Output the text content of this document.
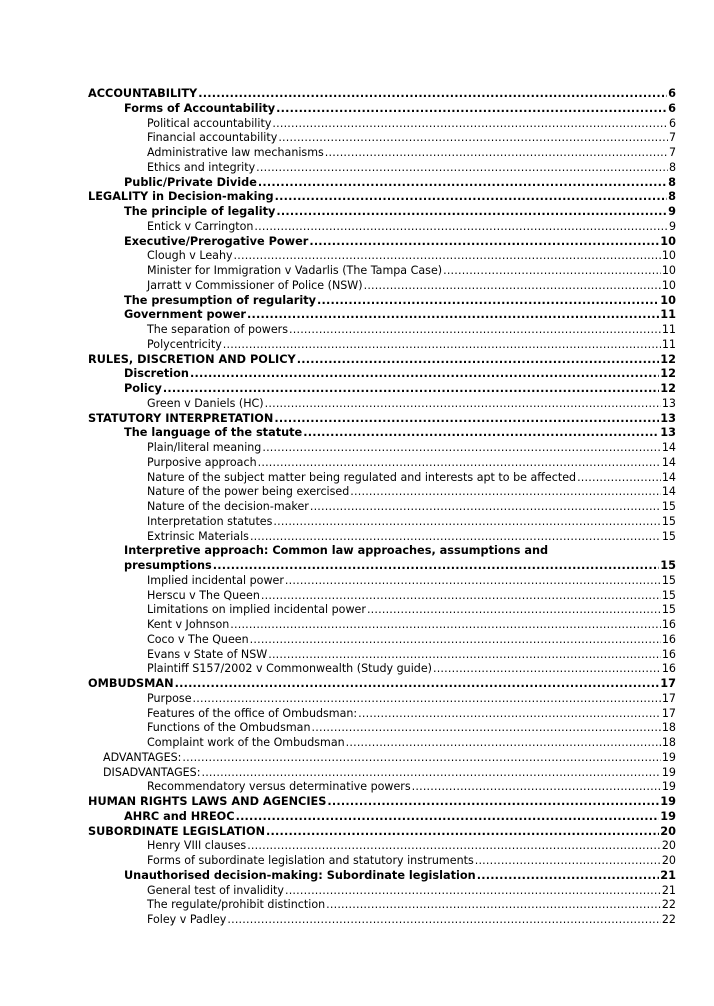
ACCOUNTABILITY .....	6
Forms of Accountability .....	6
Political accountability .....	6
Financial accountability .....	7
Administrative law mechanisms .....	7
Ethics and integrity .....	8
Public/Private Divide .....	8
LEGALITY in Decision-making .....	8
The principle of legality .....	9
Entick v Carrington .....	9
Executive/Prerogative Power .....	10
Clough v Leahy .....	10
Minister for Immigration v Vadarlis (The Tampa Case) .....	10
Jarratt v Commissioner of Police (NSW) .....	10
The presumption of regularity .....	10
Government power .....	11
The separation of powers .....	11
Polycentricity .....	11
RULES, DISCRETION AND POLICY .....	12
Discretion .....	12
Policy .....	12
Green v Daniels (HC) .....	13
STATUTORY INTERPRETATION .....	13
The language of the statute .....	13
Plain/literal meaning .....	14
Purposive approach .....	14
Nature of the subject matter being regulated and interests apt to be affected .....	14
Nature of the power being exercised .....	14
Nature of the decision-maker .....	15
Interpretation statutes .....	15
Extrinsic Materials .....	15
Interpretive approach: Common law approaches, assumptions and
presumptions .....	15
Implied incidental power .....	15
Herscu v The Queen .....	15
Limitations on implied incidental power .....	15
Kent v Johnson .....	16
Coco v The Queen .....	16
Evans v State of NSW .....	16
Plaintiff S157/2002 v Commonwealth (Study guide) .....	16
OMBUDSMAN .....	17
Purpose .....	17
Features of the office of Ombudsman: .....	17
Functions of the Ombudsman .....	18
Complaint work of the Ombudsman .....	18
ADVANTAGES: .....	19
DISADVANTAGES: .....	19
Recommendatory versus determinative powers .....	19
HUMAN RIGHTS LAWS AND AGENCIES .....	19
AHRC and HREOC .....	19
SUBORDINATE LEGISLATION .....	20
Henry VIII clauses .....	20
Forms of subordinate legislation and statutory instruments .....	20
Unauthorised decision-making: Subordinate legislation .....	21
General test of invalidity .....	21
The regulate/prohibit distinction .....	22
Foley v Padley .....	22
